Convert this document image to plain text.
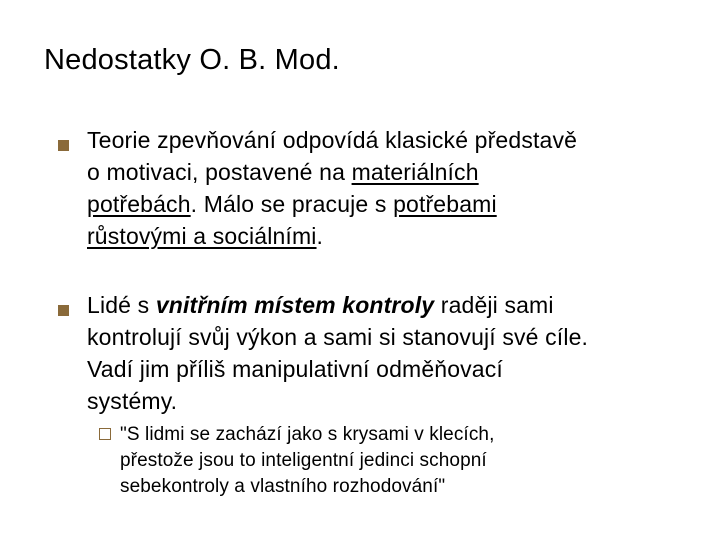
Nedostatky O. B. Mod.
Teorie zpevňování odpovídá klasické představě
o motivaci, postavené na materiálních
potřebách. Málo se pracuje s potřebami
růstovými a sociálními.
Lidé s vnitřním místem kontroly raději sami
kontrolují svůj výkon a sami si stanovují své cíle.
Vadí jim příliš manipulativní odměňovací
systémy.
"S lidmi se zachází jako s krysami v klecích,
přestože jsou to inteligentní jedinci schopní
sebekontroly a vlastního rozhodování"
